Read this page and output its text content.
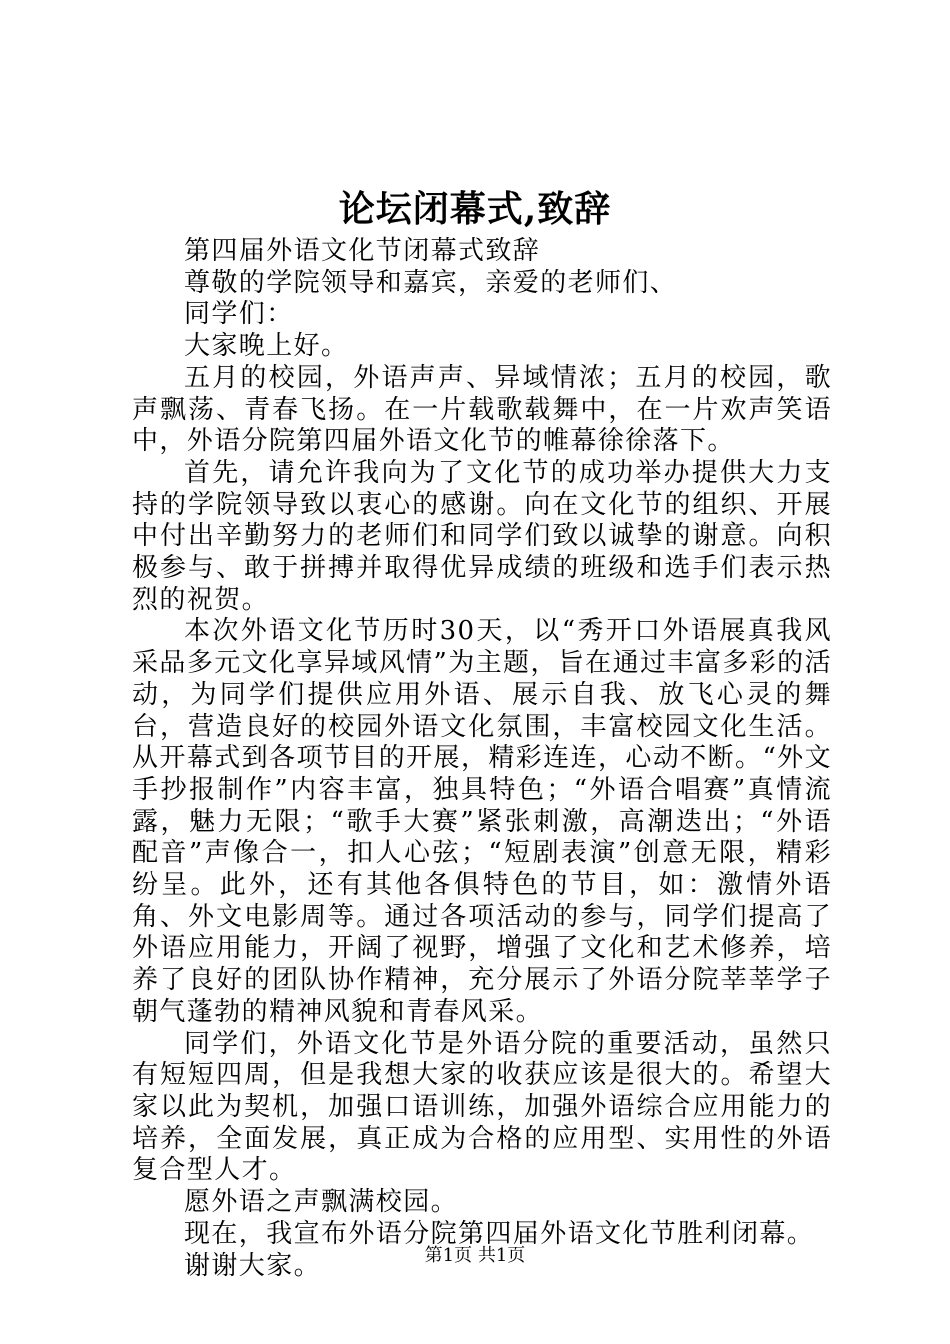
论坛闭幕式,致辞

第四届外语文化节闭幕式致辞

尊敬的学院领导和嘉宾，亲爱的老师们、

同学们：

大家晚上好。

五月的校园，外语声声、异域情浓；五月的校园，歌声飘荡、青春飞扬。在一片载歌载舞中，在一片欢声笑语中，外语分院第四届外语文化节的帷幕徐徐落下。

首先，请允许我向为了文化节的成功举办提供大力支持的学院领导致以衷心的感谢。向在文化节的组织、开展中付出辛勤努力的老师们和同学们致以诚挚的谢意。向积极参与、敢于拼搏并取得优异成绩的班级和选手们表示热烈的祝贺。

本次外语文化节历时30天，以“秀开口外语展真我风采品多元文化享异域风情”为主题，旨在通过丰富多彩的活动，为同学们提供应用外语、展示自我、放飞心灵的舞台，营造良好的校园外语文化氛围，丰富校园文化生活。从开幕式到各项节目的开展，精彩连连，心动不断。“外文手抄报制作”内容丰富，独具特色；“外语合唱赛”真情流露，魅力无限；“歌手大赛”紧张刺激，高潮迭出；“外语配音”声像合一，扣人心弦；“短剧表演”创意无限，精彩纷呈。此外，还有其他各俱特色的节目，如：激情外语角、外文电影周等。通过各项活动的参与，同学们提高了外语应用能力，开阔了视野，增强了文化和艺术修养，培养了良好的团队协作精神，充分展示了外语分院莘莘学子朝气蓬勃的精神风貌和青春风采。

同学们，外语文化节是外语分院的重要活动，虽然只有短短四周，但是我想大家的收获应该是很大的。希望大家以此为契机，加强口语训练，加强外语综合应用能力的培养，全面发展，真正成为合格的应用型、实用性的外语复合型人才。

愿外语之声飘满校园。

现在，我宣布外语分院第四届外语文化节胜利闭幕。

谢谢大家。	第1页 共1页
